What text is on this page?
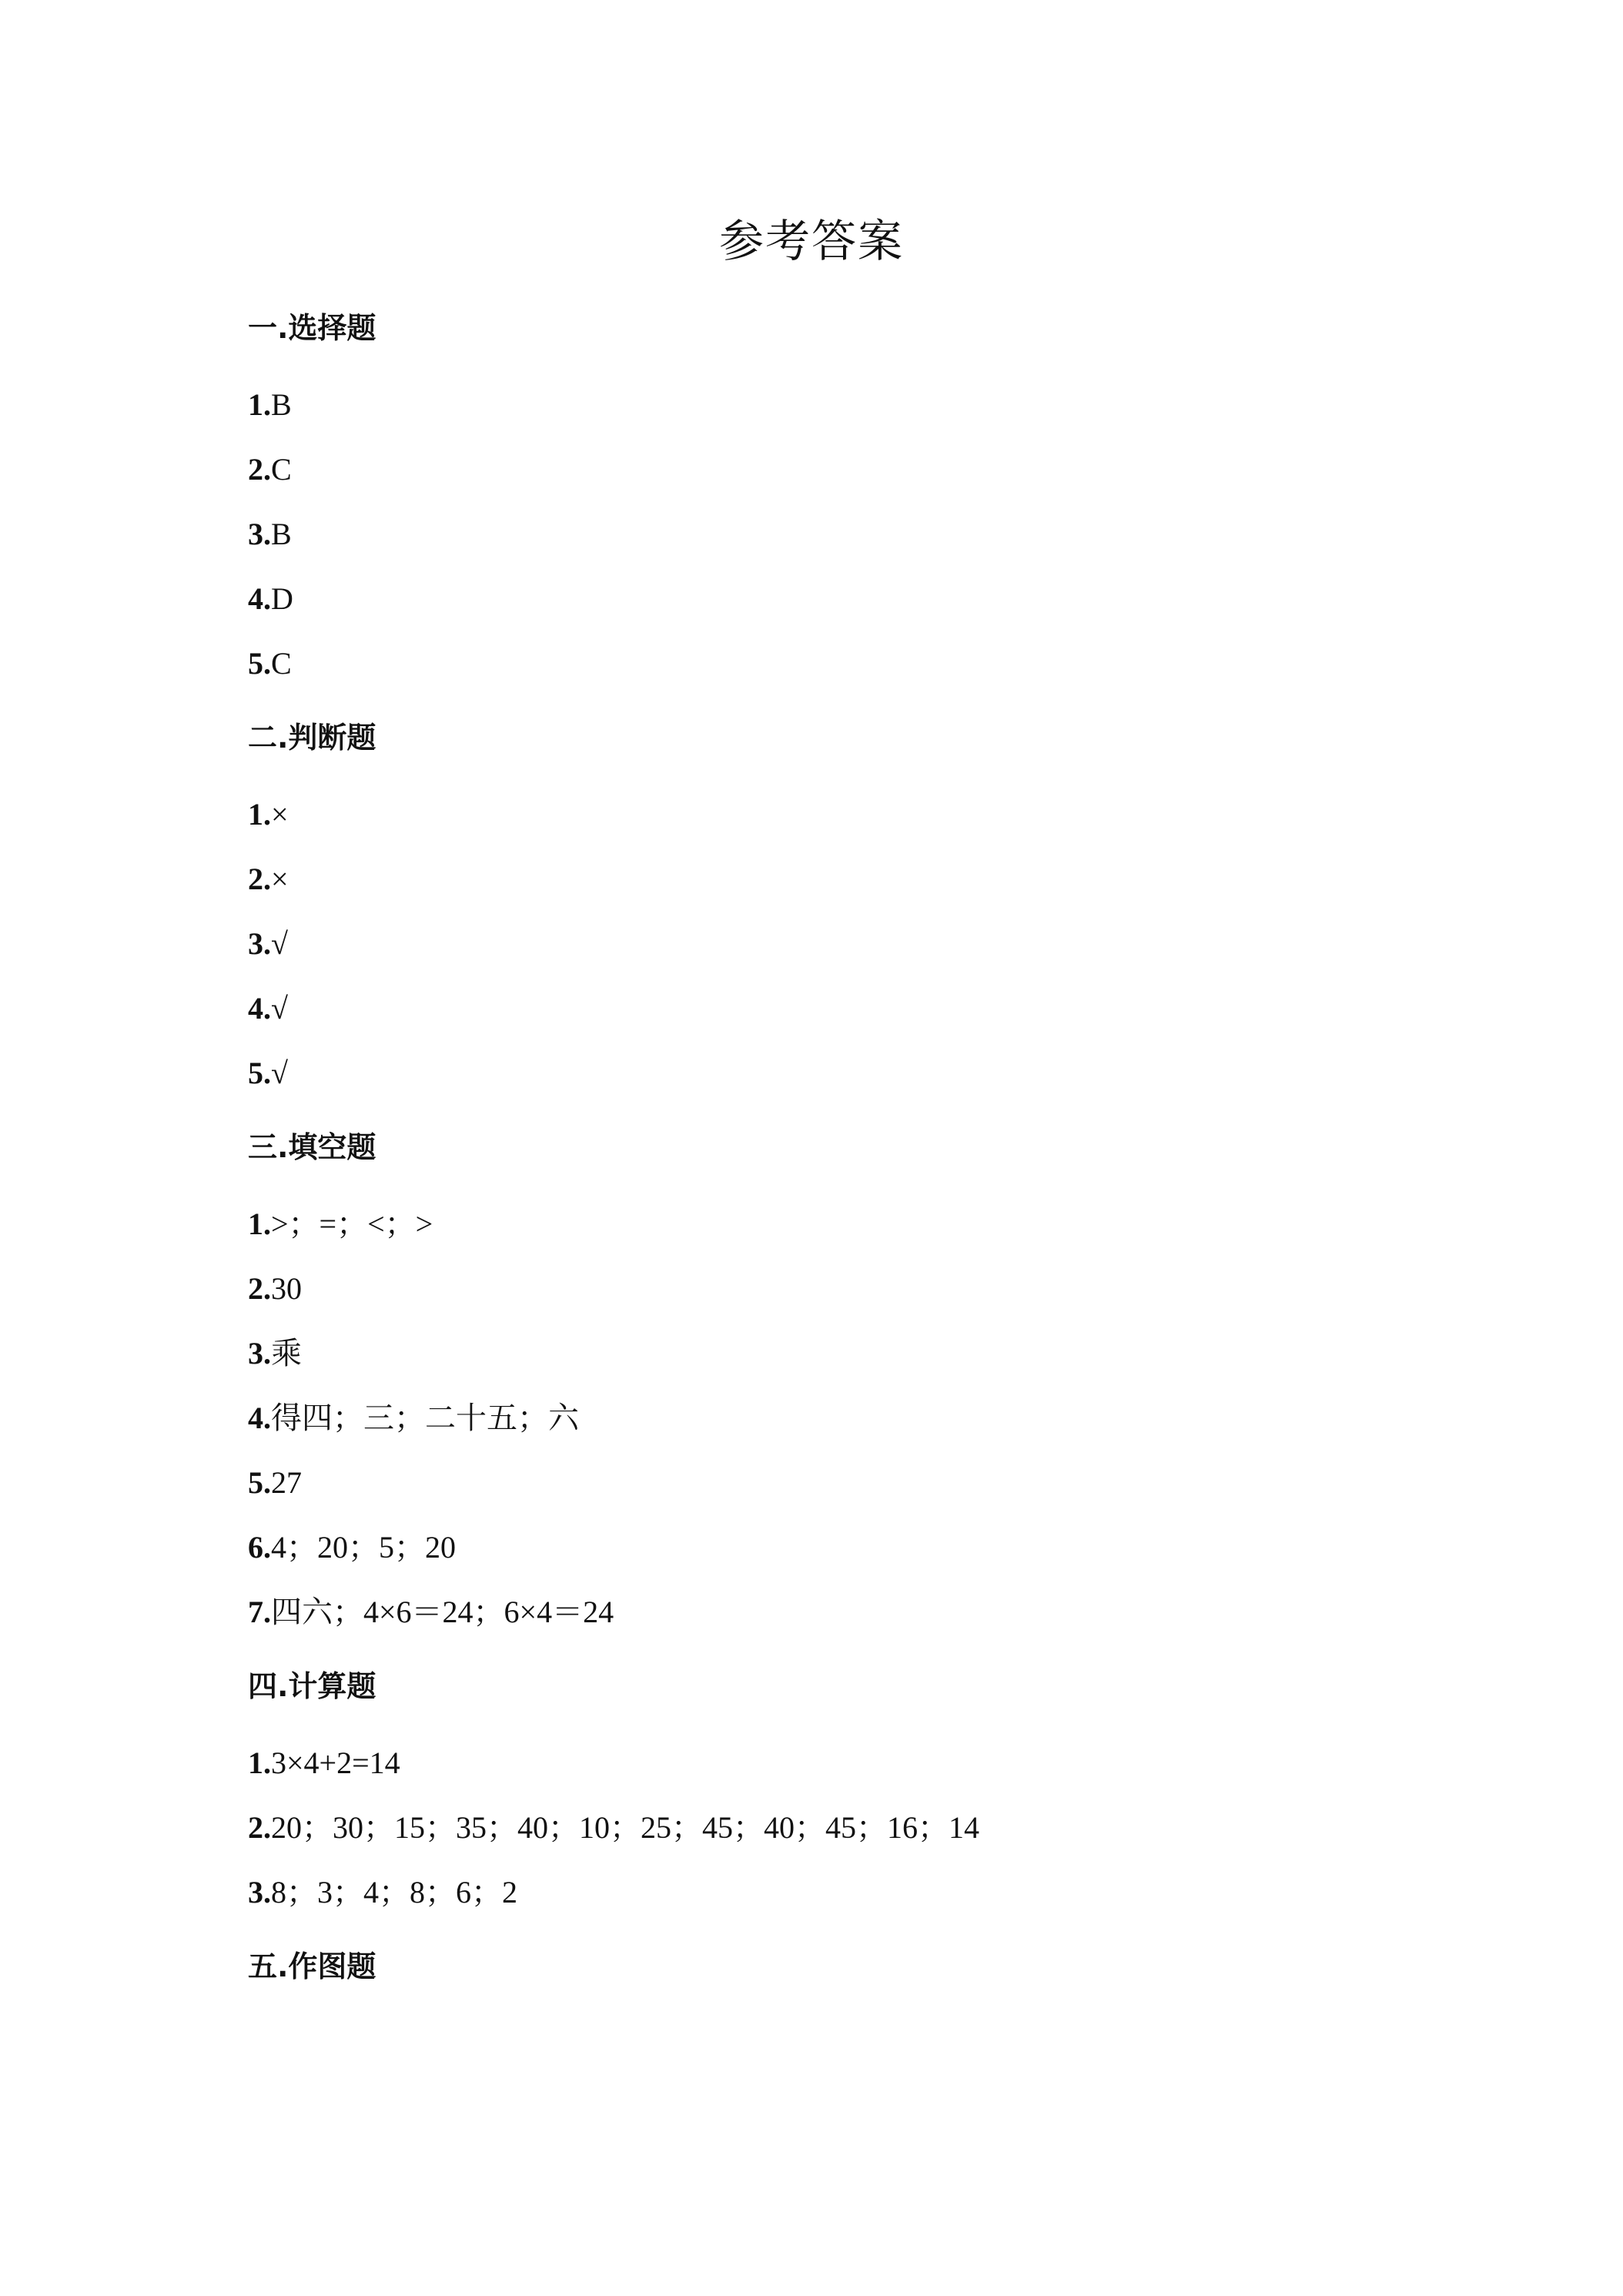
参考答案
一.选择题
1.B
2.C
3.B
4.D
5.C
二.判断题
1.×
2.×
3.√
4.√
5.√
三.填空题
1.>；=；<；>
2.30
3.乘
4.得四；三；二十五；六
5.27
6.4；20；5；20
7.四六；4×6＝24；6×4＝24
四.计算题
1.3×4+2=14
2.20；30；15；35；40；10；25；45；40；45；16；14
3.8；3；4；8；6；2
五.作图题
